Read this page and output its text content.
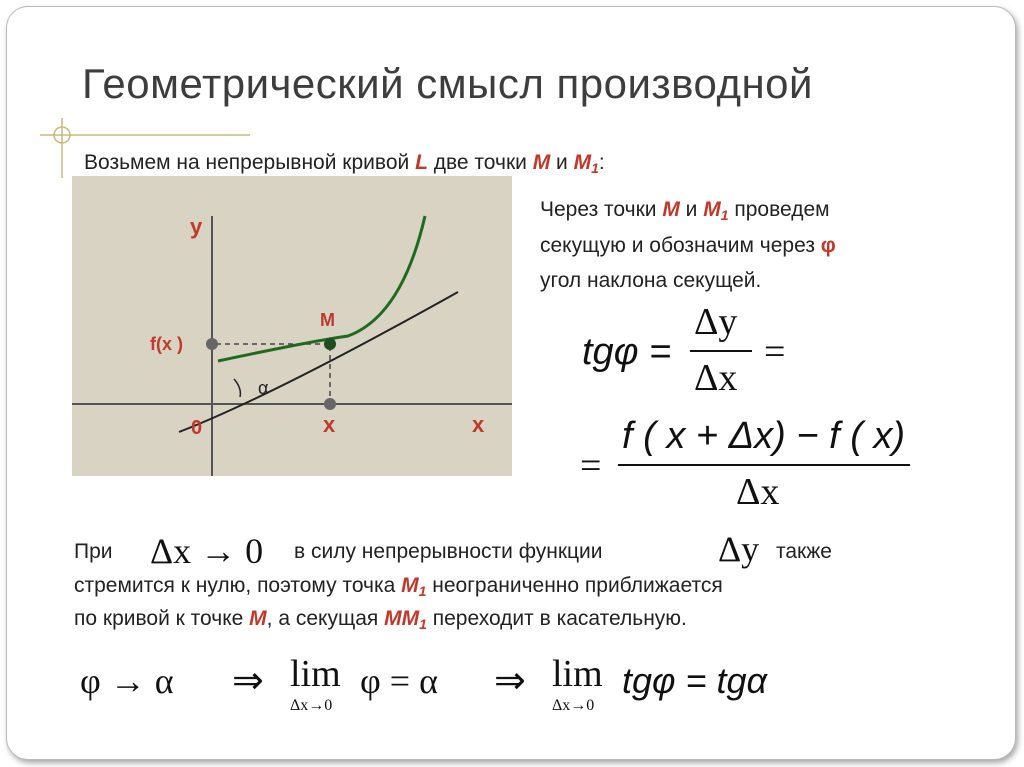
Геометрический смысл производной
Возьмем на непрерывной кривой L две точки M и $M_1$:
Через точки M и $M_1$ проведем
секущую и обозначим через φ
угол наклона секущей.
y
x
0
f(x )
M
x
α
tgφ =
Δy
Δx
=
=
f ( x + Δx) − f ( x)
Δx
При Δx → 0 в силу непрерывности функции	Δy также
стремится к нулю, поэтому точка $M_1$ неограниченно приближается
по кривой к точке M, а секущая $MM_1$ переходит в касательную.
φ → α ⇒ lim
Δx→0
φ = α ⇒ lim
Δx→0
tgφ = tgα
